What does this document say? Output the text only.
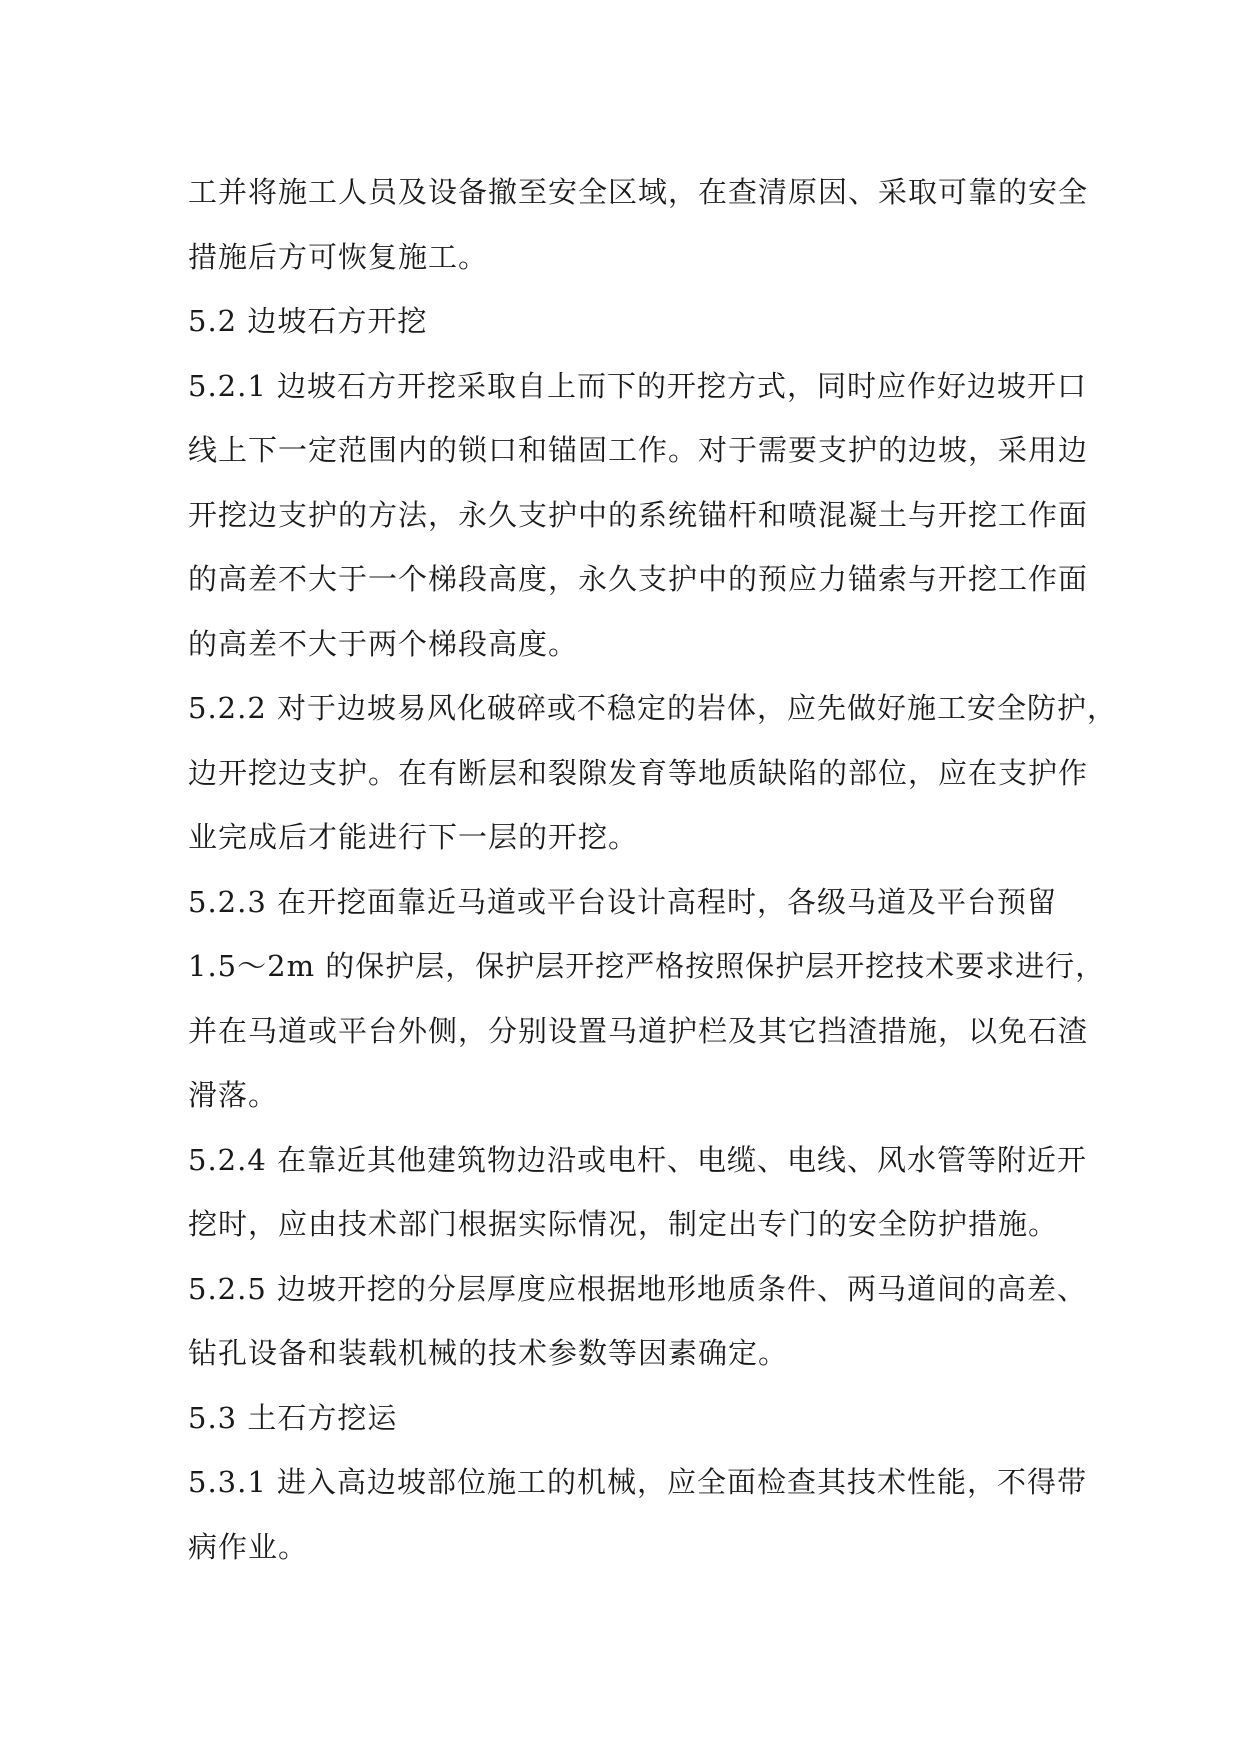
工并将施工人员及设备撤至安全区域，在查清原因、采取可靠的安全
措施后方可恢复施工。
5.2 边坡石方开挖
5.2.1 边坡石方开挖采取自上而下的开挖方式，同时应作好边坡开口
线上下一定范围内的锁口和锚固工作。对于需要支护的边坡，采用边
开挖边支护的方法，永久支护中的系统锚杆和喷混凝土与开挖工作面
的高差不大于一个梯段高度，永久支护中的预应力锚索与开挖工作面
的高差不大于两个梯段高度。
5.2.2 对于边坡易风化破碎或不稳定的岩体，应先做好施工安全防护，
边开挖边支护。在有断层和裂隙发育等地质缺陷的部位，应在支护作
业完成后才能进行下一层的开挖。
5.2.3 在开挖面靠近马道或平台设计高程时，各级马道及平台预留
1.5～2m 的保护层，保护层开挖严格按照保护层开挖技术要求进行，
并在马道或平台外侧，分别设置马道护栏及其它挡渣措施，以免石渣
滑落。
5.2.4 在靠近其他建筑物边沿或电杆、电缆、电线、风水管等附近开
挖时，应由技术部门根据实际情况，制定出专门的安全防护措施。
5.2.5 边坡开挖的分层厚度应根据地形地质条件、两马道间的高差、
钻孔设备和装载机械的技术参数等因素确定。
5.3 土石方挖运
5.3.1 进入高边坡部位施工的机械，应全面检查其技术性能，不得带
病作业。
